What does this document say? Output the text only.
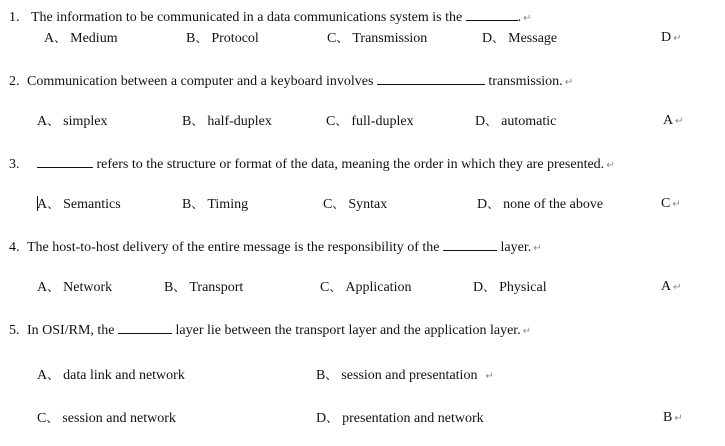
1. The information to be communicated in a data communications system is the	. ↵
A、 Medium	B、 Protocol	C、 Transmission	D、 Message	D ↵
2. Communication between a computer and a keyboard involves	transmission. ↵
A、 simplex	B、 half-duplex	C、 full-duplex	D、 automatic	A ↵
3.	refers to the structure or format of the data, meaning the order in which they are presented. ↵
A、 Semantics	B、 Timing	C、 Syntax	D、 none of the above	C ↵
4. The host-to-host delivery of the entire message is the responsibility of the	layer. ↵
A、 Network	B、 Transport	C、 Application	D、 Physical	A ↵
5. In OSI/RM, the	layer lie between the transport layer and the application layer. ↵
A、 data link and network	B、 session and presentation ↵
C、 session and network	D、 presentation and network	B ↵
